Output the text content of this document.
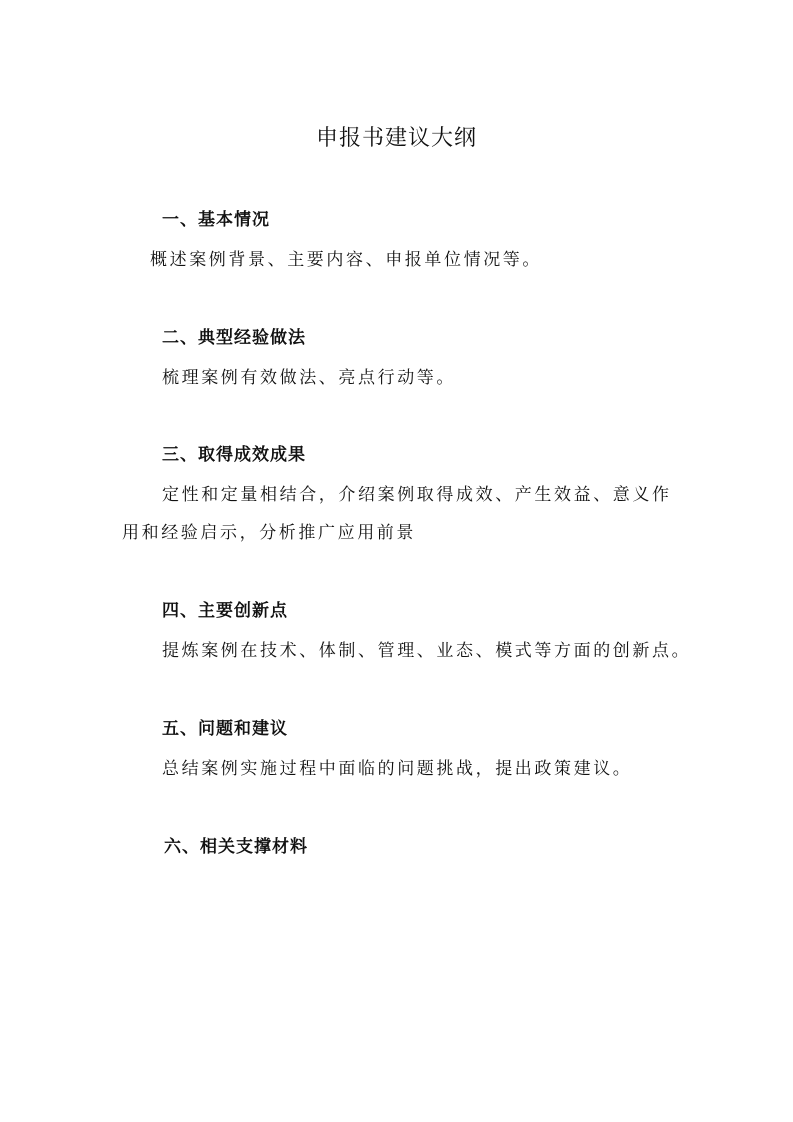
申报书建议大纲
一、基本情况
概述案例背景、主要内容、申报单位情况等。
二、典型经验做法
梳理案例有效做法、亮点行动等。
三、取得成效成果
定性和定量相结合，介绍案例取得成效、产生效益、意义作
用和经验启示，分析推广应用前景
四、主要创新点
提炼案例在技术、体制、管理、业态、模式等方面的创新点。
五、问题和建议
总结案例实施过程中面临的问题挑战，提出政策建议。
六、相关支撑材料
